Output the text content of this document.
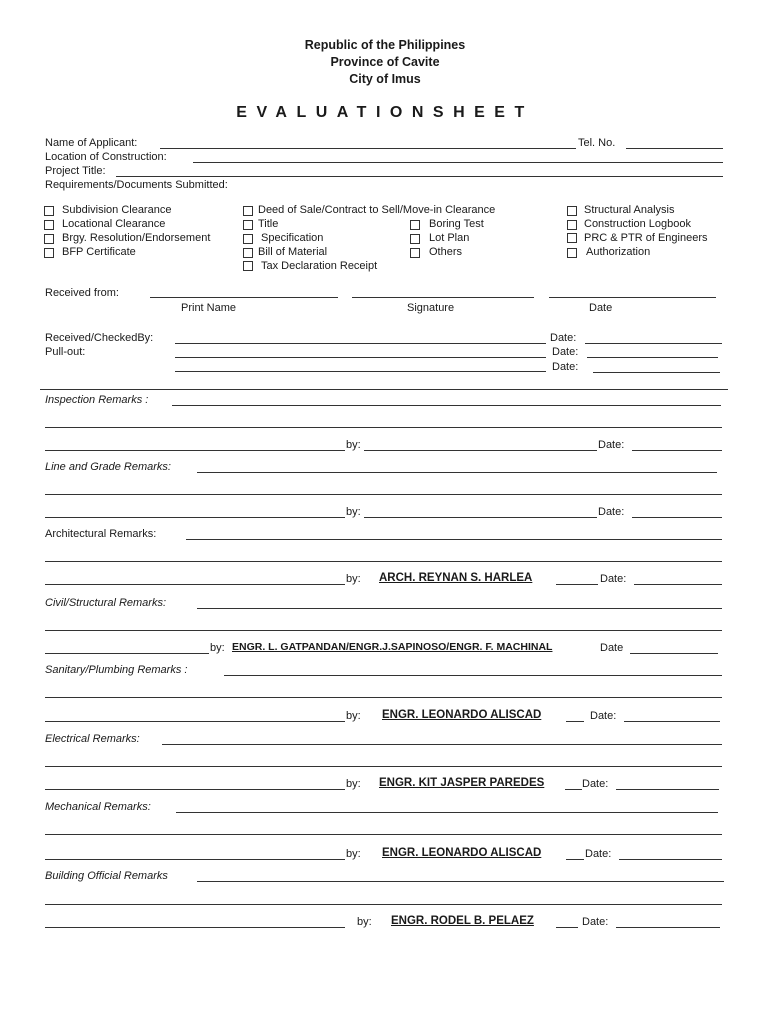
Republic of the Philippines
Province of Cavite
City of Imus
EVALUATIONSHEET
Name of Applicant:	Tel. No.
Location of Construction:
Project Title:
Requirements/Documents Submitted:
Subdivision Clearance
Locational Clearance
Brgy. Resolution/Endorsement
BFP Certificate
Deed of Sale/Contract to Sell/Move-in Clearance
Title
Specification
Bill of Material
Tax Declaration Receipt
Boring Test
Lot Plan
Others
Structural Analysis
Construction Logbook
PRC & PTR of Engineers
Authorization
Received from:
Print Name	Signature	Date
Received/CheckedBy:	Date:
Pull-out:	Date:
Date:
Inspection Remarks :
by:	Date:
Line and Grade Remarks:
by:	Date:
Architectural Remarks:
by: ARCH. REYNAN S. HARLEA	Date:
Civil/Structural Remarks:
by: ENGR. L. GATPANDAN/ENGR.J.SAPINOSO/ENGR. F. MACHINAL	Date
Sanitary/Plumbing Remarks :
by: ENGR. LEONARDO ALISCAD	Date:
Electrical Remarks:
by: ENGR. KIT JASPER PAREDES	Date:
Mechanical Remarks:
by: ENGR. LEONARDO ALISCAD	Date:
Building Official Remarks
by: ENGR. RODEL B. PELAEZ	Date:
